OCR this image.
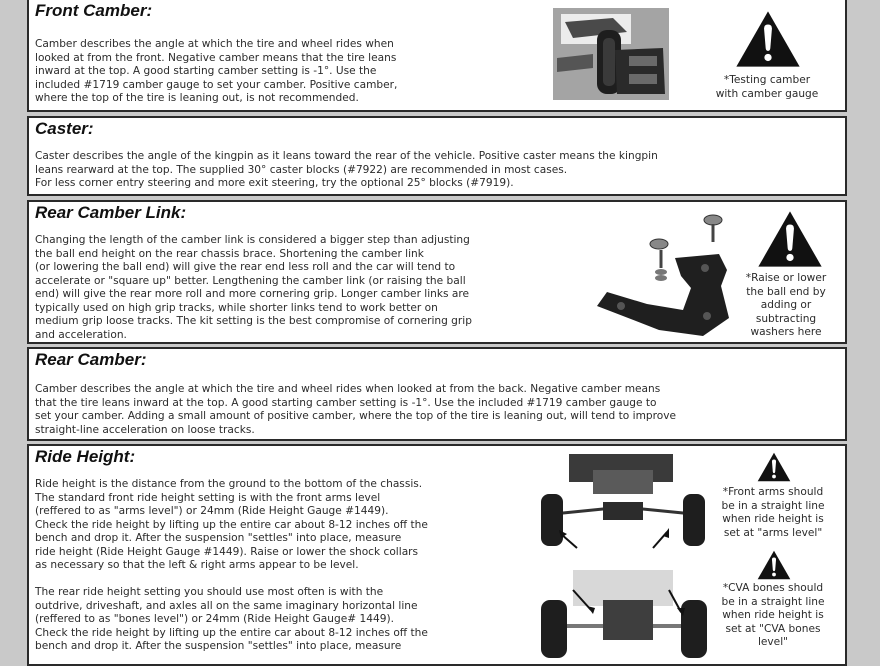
Front Camber:

Camber describes the angle at which the tire and wheel rides when
looked at from the front. Negative camber means that the tire leans
inward at the top. A good starting camber setting is -1°. Use the
included #1719 camber gauge to set your camber. Positive camber,
where the top of the tire is leaning out, is not recommended.

*Testing camber
with camber gauge

Caster:

Caster describes the angle of the kingpin as it leans toward the rear of the vehicle. Positive caster means the kingpin
leans rearward at the top. The supplied 30° caster blocks (#7922) are recommended in most cases.
For less corner entry steering and more exit steering, try the optional 25° blocks (#7919).

Rear Camber Link:

Changing the length of the camber link is considered a bigger step than adjusting
the ball end height on the rear chassis brace. Shortening the camber link
(or lowering the ball end) will give the rear end less roll and the car will tend to
accelerate or "square up" better. Lengthening the camber link (or raising the ball
end) will give the rear more roll and more cornering grip. Longer camber links are
typically used on high grip tracks, while shorter links tend to work better on
medium grip loose tracks. The kit setting is the best compromise of cornering grip
and acceleration.

*Raise or lower
the ball end by
adding or
subtracting
washers here

Rear Camber:

Camber describes the angle at which the tire and wheel rides when looked at from the back. Negative camber means
that the tire leans inward at the top. A good starting camber setting is -1°. Use the included #1719 camber gauge to
set your camber. Adding a small amount of positive camber, where the top of the tire is leaning out, will tend to improve
straight-line acceleration on loose tracks.

Ride Height:

Ride height is the distance from the ground to the bottom of the chassis.
The standard front ride height setting is with the front arms level
(reffered to as "arms level") or 24mm (Ride Height Gauge #1449).
Check the ride height by lifting up the entire car about 8-12 inches off the
bench and drop it. After the suspension "settles" into place, measure
ride height (Ride Height Gauge #1449). Raise or lower the shock collars
as necessary so that the left & right arms appear to be level.

The rear ride height setting you should use most often is with the
outdrive, driveshaft, and axles all on the same imaginary horizontal line
(reffered to as "bones level") or 24mm (Ride Height Gauge# 1449).
Check the ride height by lifting up the entire car about 8-12 inches off the
bench and drop it. After the suspension "settles" into place, measure

*Front arms should
be in a straight line
when ride height is
set at "arms level"

*CVA bones should
be in a straight line
when ride height is
set at "CVA bones
level"
